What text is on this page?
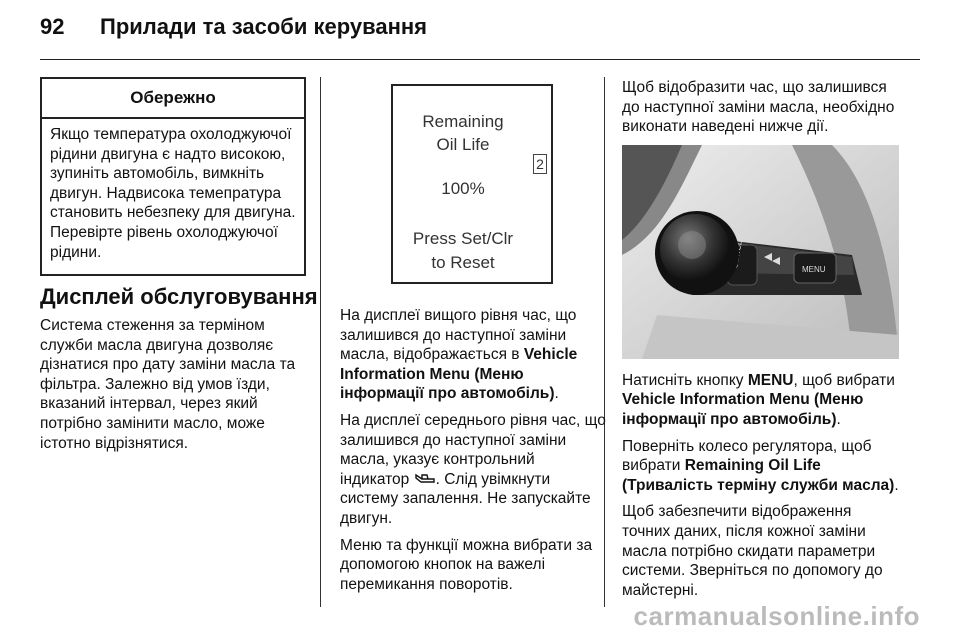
92 Прилади та засоби керування
Обережно
Якщо температура охолоджуючої рідини двигуна є надто високою, зупиніть автомобіль, вимкніть двигун. Надвисока темепратура становить небезпеку для двигуна. Перевірте рівень охолоджуючої рідини.
Дисплей обслуговування

Система стеження за терміном служби масла двигуна дозволяє дізнатися про дату заміни масла та фільтра. Залежно від умов їзди, вказаний інтервал, через який потрібно замінити масло, може істотно відрізнятися.

Remaining
Oil Life
2
100%
Press Set/Clr
to Reset

На дисплеї вищого рівня час, що залишився до наступної заміни масла, відображається в Vehicle Information Menu (Меню інформації про автомобіль).

На дисплеї середнього рівня час, що залишився до наступної заміни масла, указує контрольний індикатор . Слід увімкнути систему запалення. Не запускайте двигун.

Меню та функції можна вибрати за допомогою кнопок на важелі перемикання поворотів.

Щоб відобразити час, що залишився до наступної заміни масла, необхідно виконати наведені нижче дії.

MENU

Натисніть кнопку MENU, щоб вибрати Vehicle Information Menu (Меню інформації про автомобіль).

Поверніть колесо регулятора, щоб вибрати Remaining Oil Life (Тривалість терміну служби масла).

Щоб забезпечити відображення точних даних, після кожної заміни масла потрібно скидати параметри системи. Зверніться по допомогу до майстерні.

carmanualsonline.info
